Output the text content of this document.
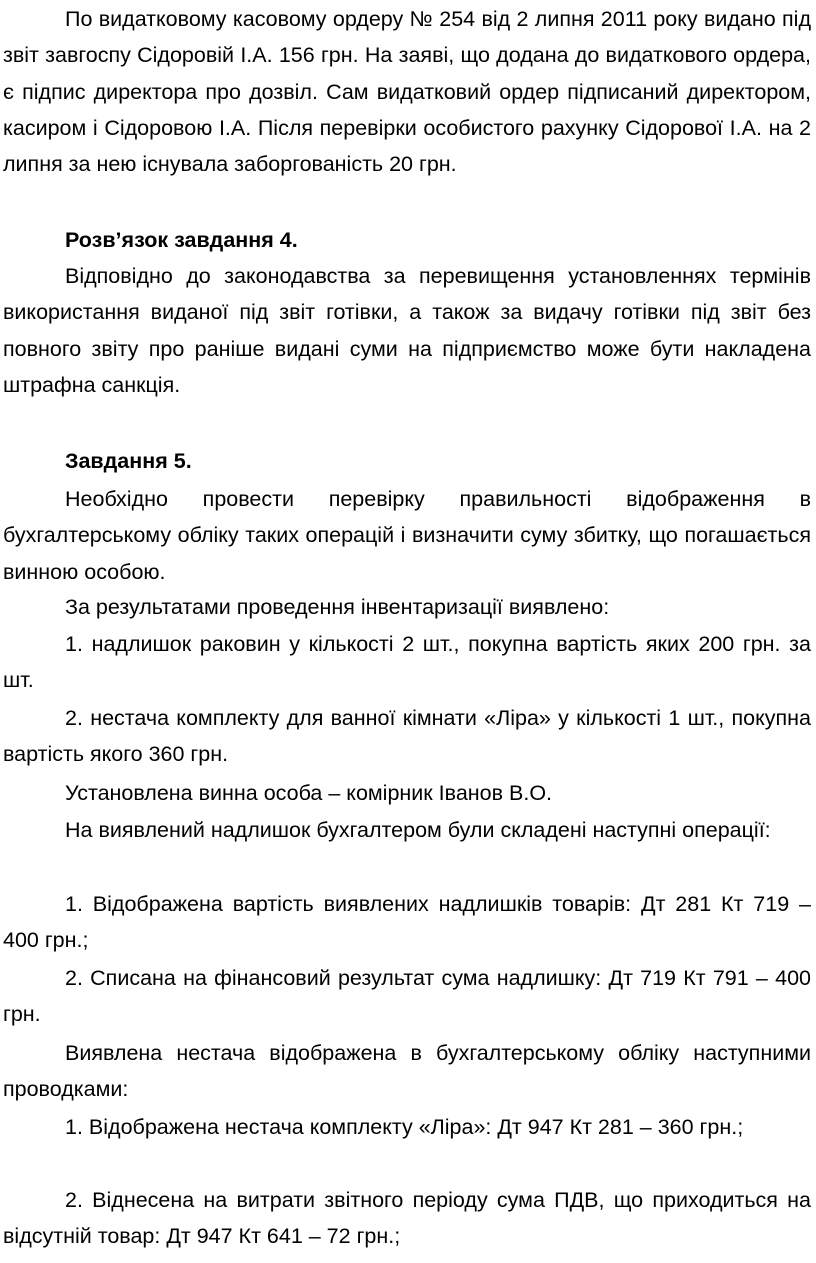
По видатковому касовому ордеру № 254 від 2 липня 2011 року видано під звіт завгоспу Сідоровій І.А. 156 грн. На заяві, що додана до видаткового ордера, є підпис директора про дозвіл. Сам видатковий ордер підписаний директором, касиром і Сідоровою І.А. Після перевірки особистого рахунку Сідорової І.А. на 2 липня за нею існувала заборгованість 20 грн.

Розв’язок завдання 4.

Відповідно до законодавства за перевищення установленнях термінів використання виданої під звіт готівки, а також за видачу готівки під звіт без повного звіту про раніше видані суми на підприємство може бути накладена штрафна санкція.

Завдання 5.

Необхідно провести перевірку правильності відображення в бухгалтерському обліку таких операцій і визначити суму збитку, що погашається винною особою.

За результатами проведення інвентаризації виявлено:

1. надлишок раковин у кількості 2 шт., покупна вартість яких 200 грн. за шт.

2. нестача комплекту для ванної кімнати «Ліра» у кількості 1 шт., покупна вартість якого 360 грн.

Установлена винна особа – комірник Іванов В.О.

На виявлений надлишок бухгалтером були складені наступні операції:

1. Відображена вартість виявлених надлишків товарів: Дт 281 Кт 719 – 400 грн.;

2. Списана на фінансовий результат сума надлишку: Дт 719 Кт 791 – 400 грн.

Виявлена нестача відображена в бухгалтерському обліку наступними проводками:

1. Відображена нестача комплекту «Ліра»: Дт 947 Кт 281 – 360 грн.;

2. Віднесена на витрати звітного періоду сума ПДВ, що приходиться на відсутній товар: Дт 947 Кт 641 – 72 грн.;
